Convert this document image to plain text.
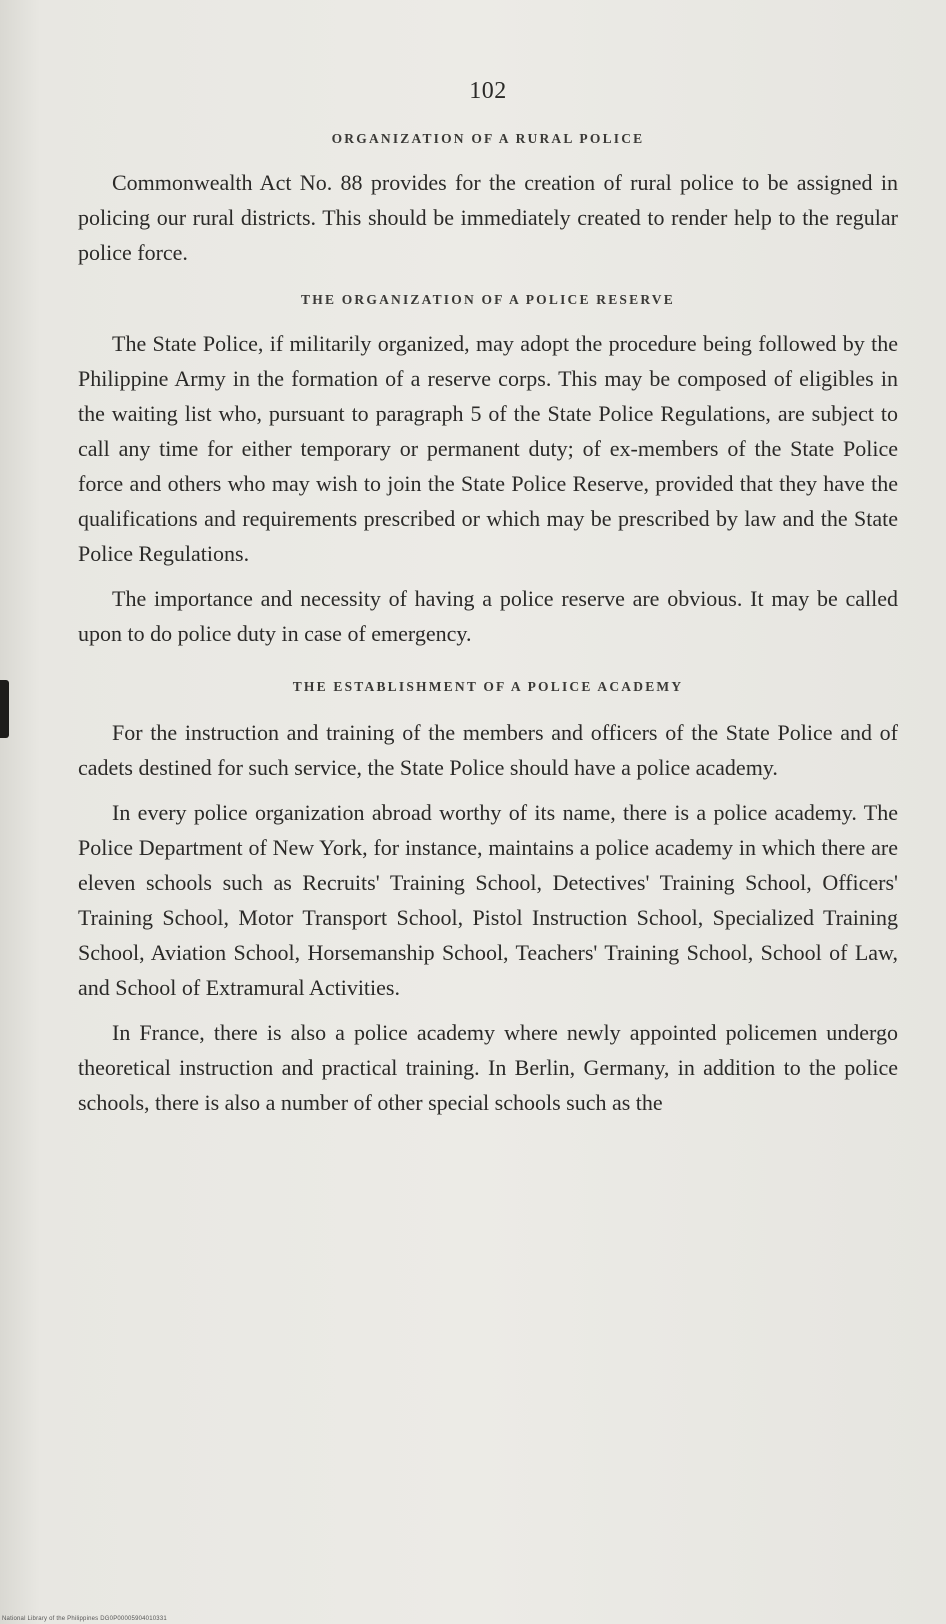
102
ORGANIZATION OF A RURAL POLICE

Commonwealth Act No. 88 provides for the creation of rural police to be assigned in policing our rural districts. This should be immediately created to render help to the regular police force.

THE ORGANIZATION OF A POLICE RESERVE

The State Police, if militarily organized, may adopt the procedure being followed by the Philippine Army in the formation of a reserve corps. This may be composed of eligibles in the waiting list who, pursuant to paragraph 5 of the State Police Regulations, are subject to call any time for either temporary or permanent duty; of ex-members of the State Police force and others who may wish to join the State Police Reserve, provided that they have the qualifications and requirements prescribed or which may be prescribed by law and the State Police Regulations.

The importance and necessity of having a police reserve are obvious. It may be called upon to do police duty in case of emergency.

THE ESTABLISHMENT OF A POLICE ACADEMY

For the instruction and training of the members and officers of the State Police and of cadets destined for such service, the State Police should have a police academy.

In every police organization abroad worthy of its name, there is a police academy. The Police Department of New York, for instance, maintains a police academy in which there are eleven schools such as Recruits' Training School, Detectives' Training School, Officers' Training School, Motor Transport School, Pistol Instruction School, Specialized Training School, Aviation School, Horsemanship School, Teachers' Training School, School of Law, and School of Extramural Activities.

In France, there is also a police academy where newly appointed policemen undergo theoretical instruction and practical training. In Berlin, Germany, in addition to the police schools, there is also a number of other special schools such as the

National Library of the Philippines DG0P00005904010331
